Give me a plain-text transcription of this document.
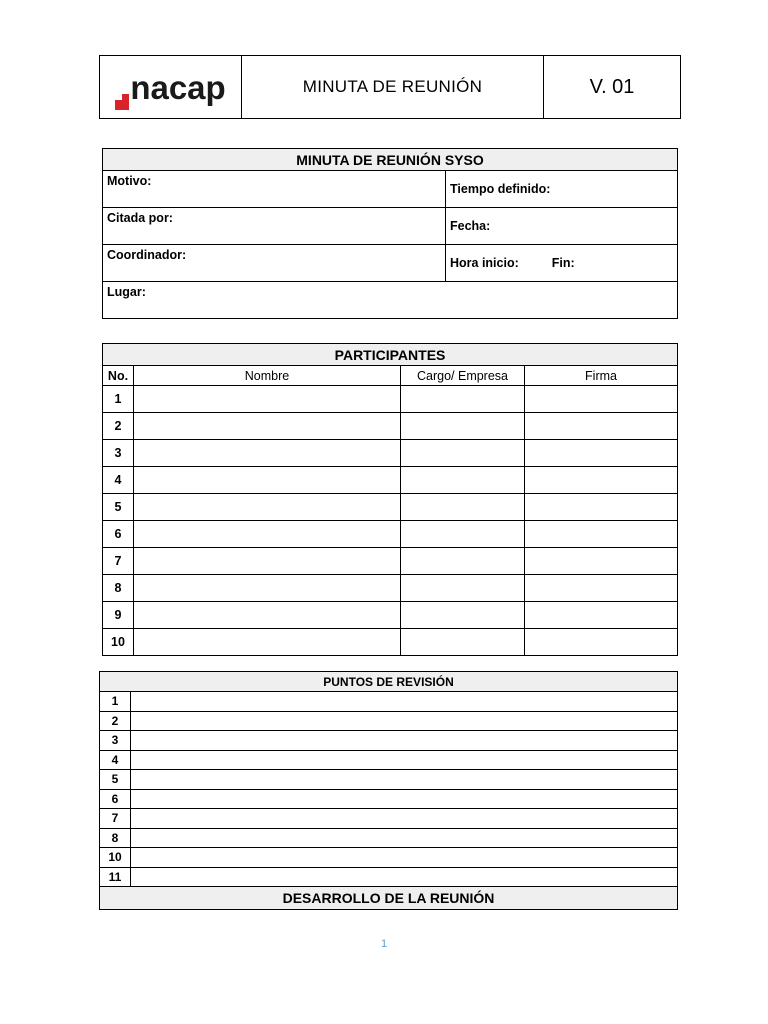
nacap	MINUTA DE REUNIÓN	V. 01
MINUTA DE REUNIÓN SYSO	
Motivo:	Tiempo definido:
Citada por:	Fecha:
Coordinador:	Hora inicio: Fin:
Lugar:	
PARTICIPANTES			
No.	Nombre	Cargo/ Empresa	Firma
1			
2			
3			
4			
5			
6			
7			
8			
9			
10			
PUNTOS DE REVISIÓN	
1	
2	
3	
4	
5	
6	
7	
8	
10	
11	
DESARROLLO DE LA REUNIÓN	
1
